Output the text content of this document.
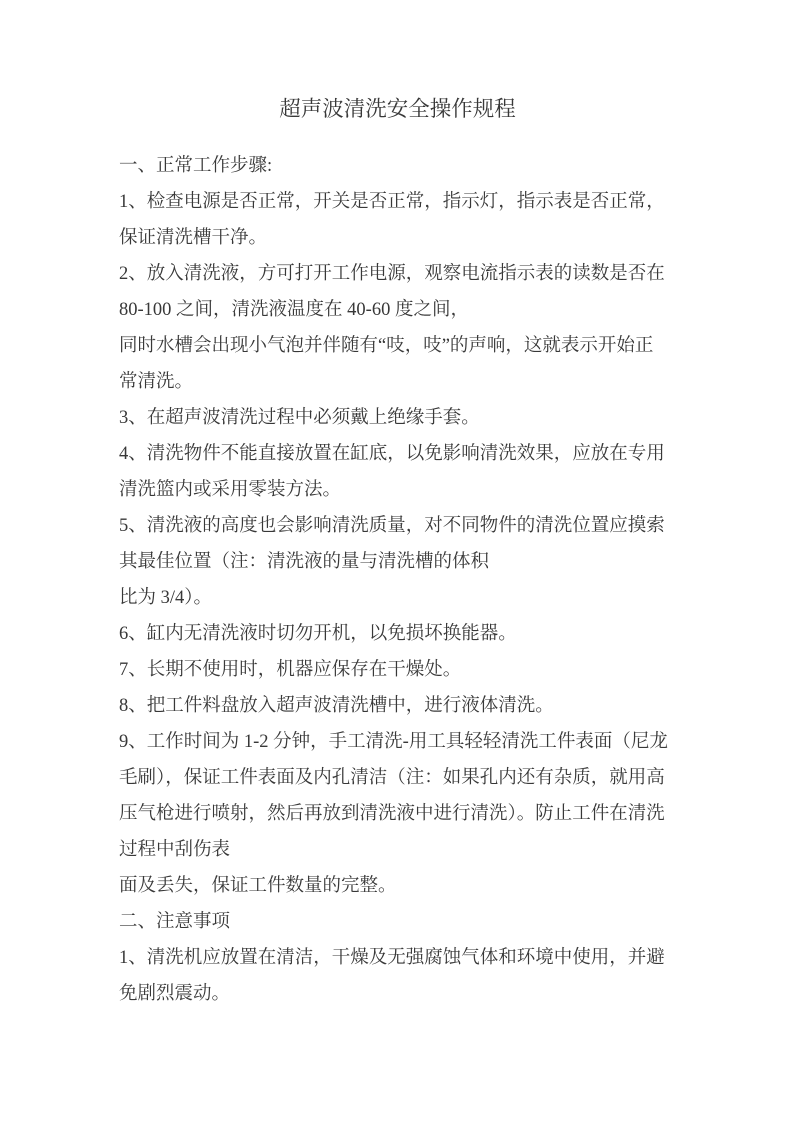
超声波清洗安全操作规程
一、正常工作步骤:
1、检查电源是否正常，开关是否正常，指示灯，指示表是否正常，
保证清洗槽干净。
2、放入清洗液，方可打开工作电源，观察电流指示表的读数是否在
80-100 之间，清洗液温度在 40-60 度之间，
同时水槽会出现小气泡并伴随有“吱，吱”的声响，这就表示开始正
常清洗。
3、在超声波清洗过程中必须戴上绝缘手套。
4、清洗物件不能直接放置在缸底，以免影响清洗效果，应放在专用
清洗篮内或采用零装方法。
5、清洗液的高度也会影响清洗质量，对不同物件的清洗位置应摸索
其最佳位置（注：清洗液的量与清洗槽的体积
比为 3/4）。
6、缸内无清洗液时切勿开机，以免损坏换能器。
7、长期不使用时，机器应保存在干燥处。
8、把工件料盘放入超声波清洗槽中，进行液体清洗。
9、工作时间为 1-2 分钟，手工清洗-用工具轻轻清洗工件表面（尼龙
毛刷），保证工件表面及内孔清洁（注：如果孔内还有杂质，就用高
压气枪进行喷射，然后再放到清洗液中进行清洗）。防止工件在清洗
过程中刮伤表
面及丢失，保证工件数量的完整。
二、注意事项
1、清洗机应放置在清洁，干燥及无强腐蚀气体和环境中使用，并避
免剧烈震动。
